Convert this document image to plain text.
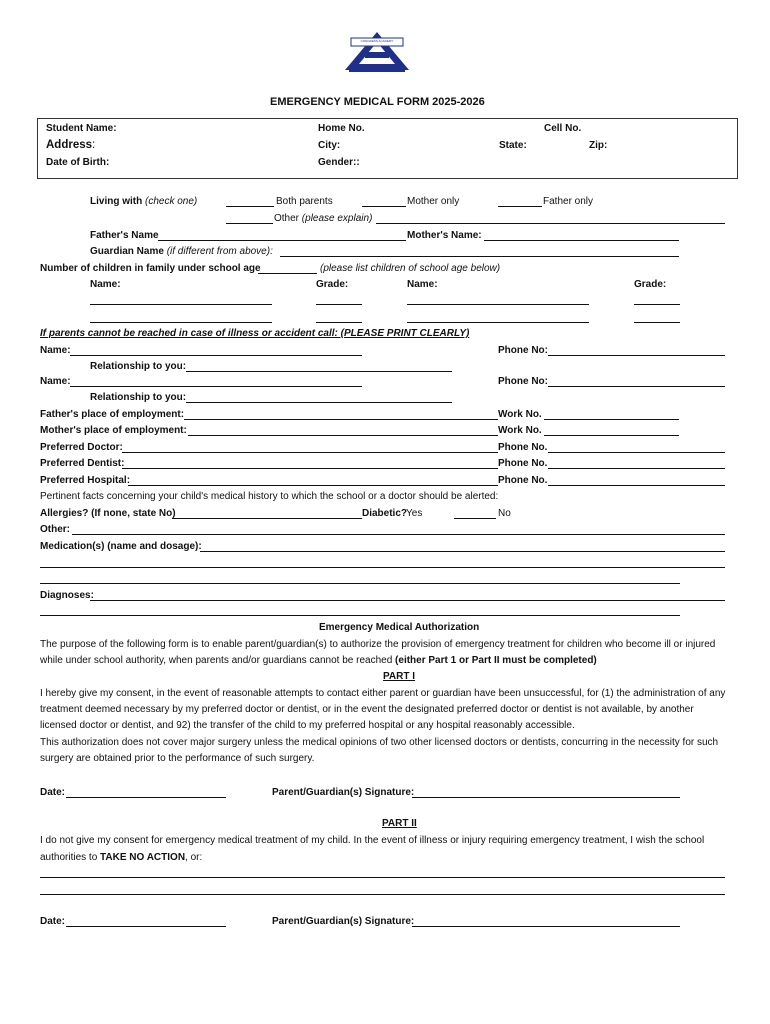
CONGRESS ACADEMY
EMERGENCY MEDICAL FORM 2025-2026
Student Name:	Home No.	Cell No.
Address:	City:	State:	Zip:
Date of Birth:	Gender::
Living with (check one)	Both parents	Mother only	Father only
Other (please explain)
Father's Name	Mother's Name:
Guardian Name (if different from above):
Number of children in family under school age	(please list children of school age below)
Name:	Grade:	Name:	Grade:
If parents cannot be reached in case of illness or accident call: (PLEASE PRINT CLEARLY)
Name:	Phone No:
Relationship to you:
Name:	Phone No:
Relationship to you:
Father's place of employment:	Work No.
Mother's place of employment:	Work No.
Preferred Doctor:	Phone No.
Preferred Dentist:	Phone No.
Preferred Hospital:	Phone No.
Pertinent facts concerning your child's medical history to which the school or a doctor should be alerted:
Allergies? (If none, state No)	Diabetic?
Yes	No
Other:
Medication(s) (name and dosage):
Diagnoses:
Emergency Medical Authorization
The purpose of the following form is to enable parent/guardian(s) to authorize the provision of emergency treatment for children who become ill or injured
while under school authority, when parents and/or guardians cannot be reached (either Part 1 or Part II must be completed)
PART I
I hereby give my consent, in the event of reasonable attempts to contact either parent or guardian have been unsuccessful, for (1) the administration of any
treatment deemed necessary by my preferred doctor or dentist, or in the event the designated preferred doctor or dentist is not available, by another
licensed doctor or dentist, and 92) the transfer of the child to my preferred hospital or any hospital reasonably accessible.
This authorization does not cover major surgery unless the medical opinions of two other licensed doctors or dentists, concurring in the necessity for such
surgery are obtained prior to the performance of such surgery.
Date:	Parent/Guardian(s) Signature:
PART II
I do not give my consent for emergency medical treatment of my child. In the event of illness or injury requiring emergency treatment, I wish the school
authorities to TAKE NO ACTION, or:
Date:	Parent/Guardian(s) Signature:
